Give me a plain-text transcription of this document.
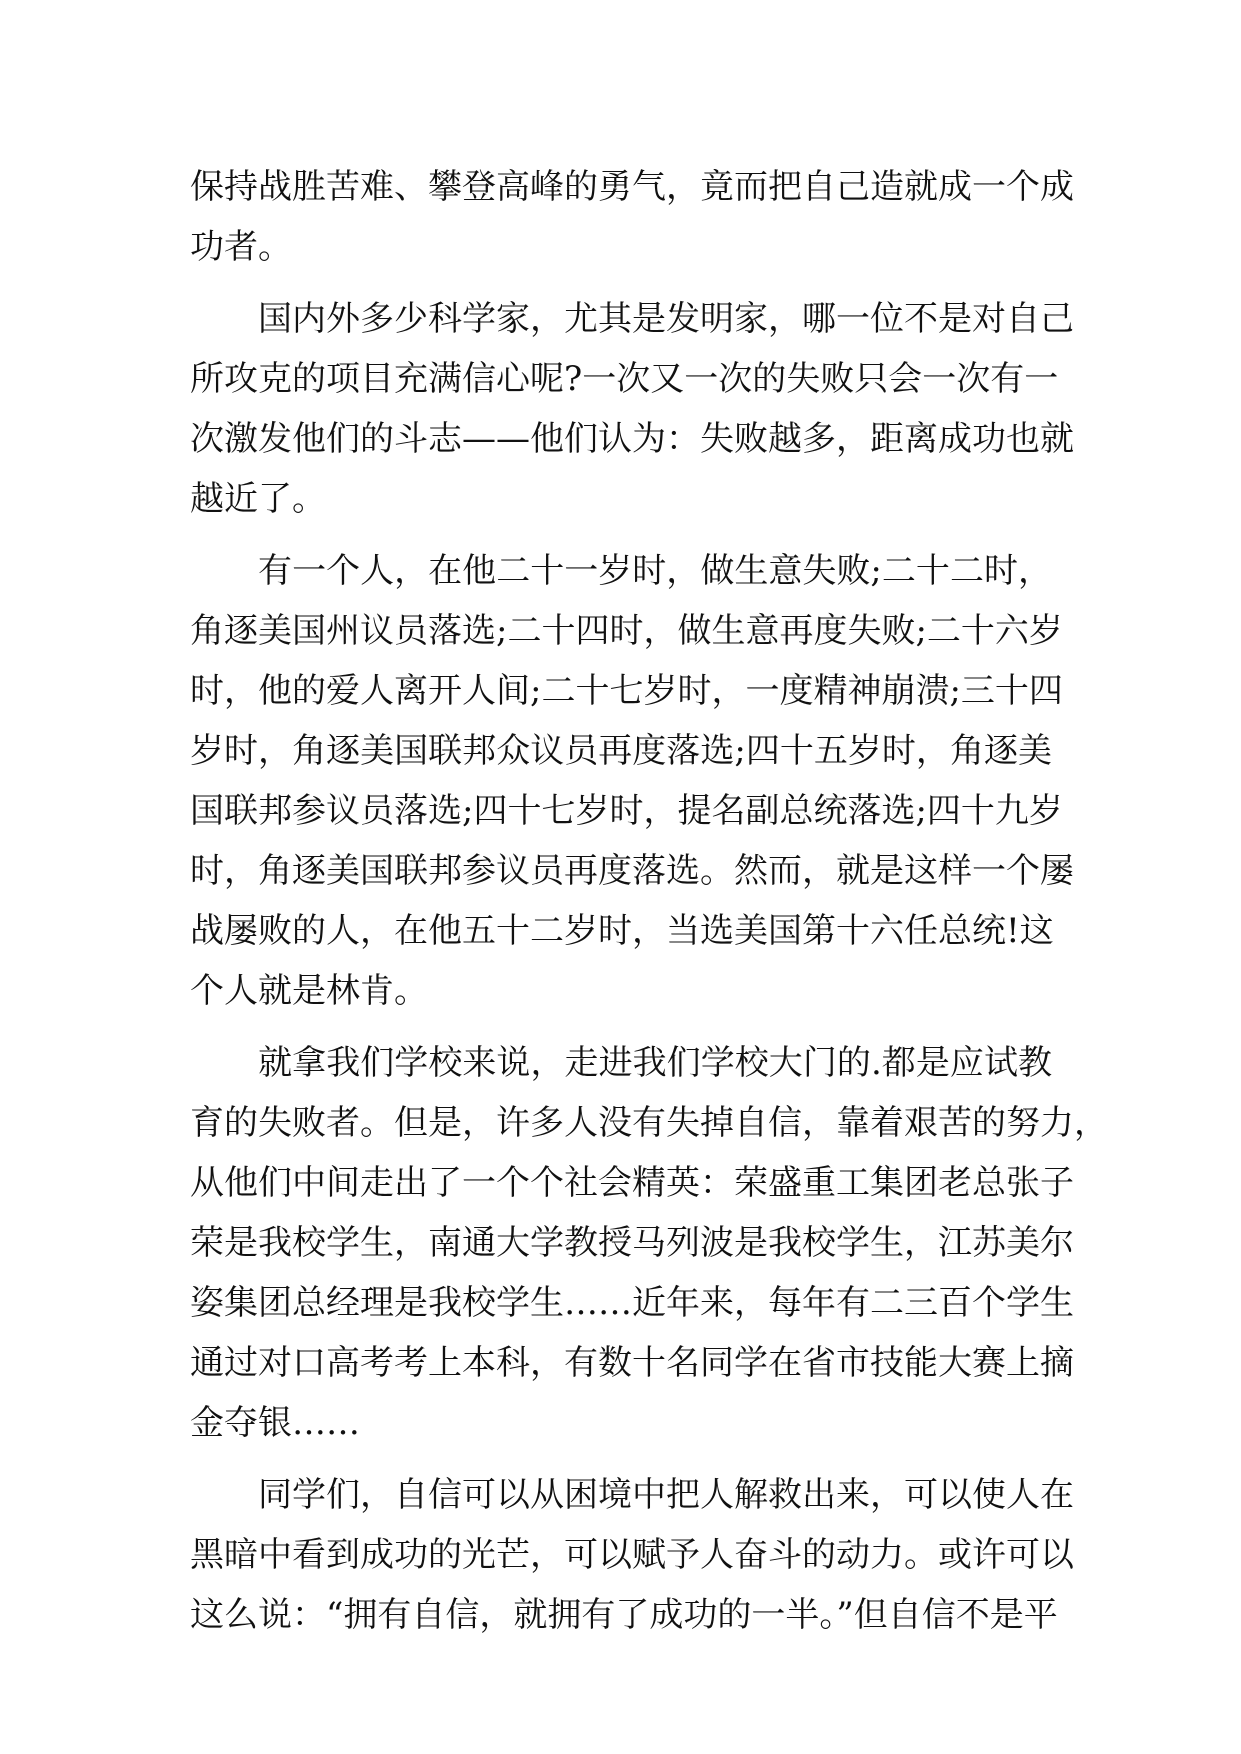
保持战胜苦难、攀登高峰的勇气，竟而把自己造就成一个成
功者。
　　国内外多少科学家，尤其是发明家，哪一位不是对自己
所攻克的项目充满信心呢?一次又一次的失败只会一次有一
次激发他们的斗志——他们认为：失败越多，距离成功也就
越近了。
　　有一个人，在他二十一岁时，做生意失败;二十二时，
角逐美国州议员落选;二十四时，做生意再度失败;二十六岁
时，他的爱人离开人间;二十七岁时，一度精神崩溃;三十四
岁时，角逐美国联邦众议员再度落选;四十五岁时，角逐美
国联邦参议员落选;四十七岁时，提名副总统落选;四十九岁
时，角逐美国联邦参议员再度落选。然而，就是这样一个屡
战屡败的人，在他五十二岁时，当选美国第十六任总统!这
个人就是林肯。
　　就拿我们学校来说，走进我们学校大门的.都是应试教
育的失败者。但是，许多人没有失掉自信，靠着艰苦的努力，
从他们中间走出了一个个社会精英：荣盛重工集团老总张子
荣是我校学生，南通大学教授马列波是我校学生，江苏美尔
姿集团总经理是我校学生……近年来，每年有二三百个学生
通过对口高考考上本科，有数十名同学在省市技能大赛上摘
金夺银……
　　同学们，自信可以从困境中把人解救出来，可以使人在
黑暗中看到成功的光芒，可以赋予人奋斗的动力。或许可以
这么说：“拥有自信，就拥有了成功的一半。”但自信不是平
